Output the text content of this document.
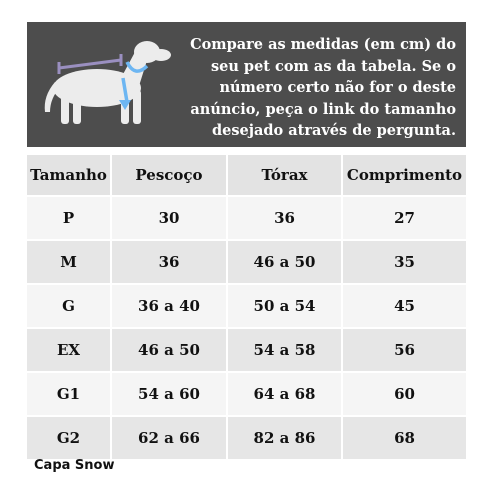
Compare as medidas (em cm) do
seu pet com as da tabela. Se o
número certo não for o deste
anúncio, peça o link do tamanho
desejado através de pergunta.
Tamanho	Pescoço	Tórax	Comprimento
P	30	36	27
M	36	46 a 50	35
G	36 a 40	50 a 54	45
EX	46 a 50	54 a 58	56
G1	54 a 60	64 a 68	60
G2	62 a 66	82 a 86	68
Capa Snow
